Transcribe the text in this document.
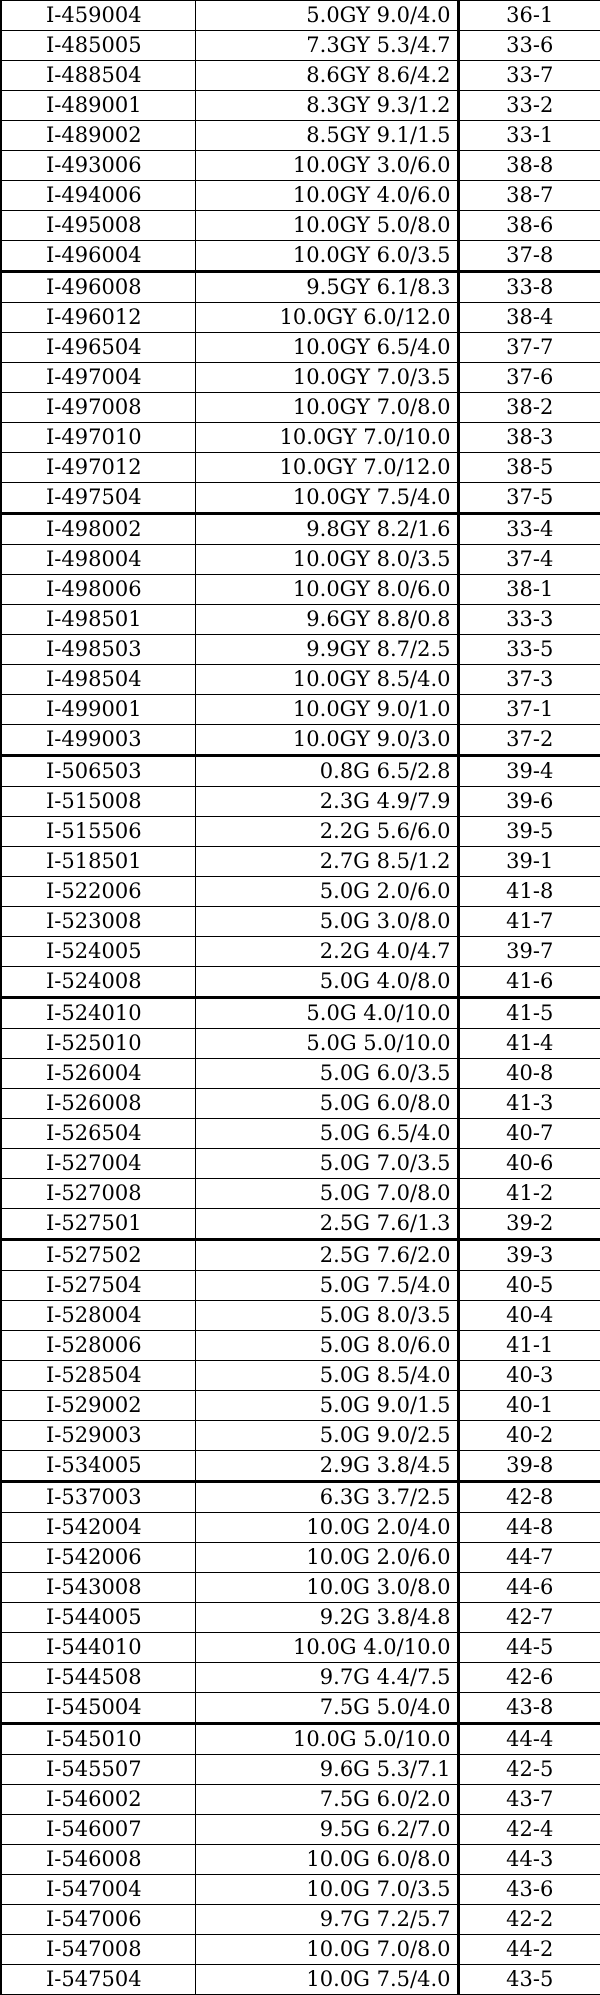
I-459004	5.0GY 9.0/4.0	36-1
I-485005	7.3GY 5.3/4.7	33-6
I-488504	8.6GY 8.6/4.2	33-7
I-489001	8.3GY 9.3/1.2	33-2
I-489002	8.5GY 9.1/1.5	33-1
I-493006	10.0GY 3.0/6.0	38-8
I-494006	10.0GY 4.0/6.0	38-7
I-495008	10.0GY 5.0/8.0	38-6
I-496004	10.0GY 6.0/3.5	37-8
I-496008	9.5GY 6.1/8.3	33-8
I-496012	10.0GY 6.0/12.0	38-4
I-496504	10.0GY 6.5/4.0	37-7
I-497004	10.0GY 7.0/3.5	37-6
I-497008	10.0GY 7.0/8.0	38-2
I-497010	10.0GY 7.0/10.0	38-3
I-497012	10.0GY 7.0/12.0	38-5
I-497504	10.0GY 7.5/4.0	37-5
I-498002	9.8GY 8.2/1.6	33-4
I-498004	10.0GY 8.0/3.5	37-4
I-498006	10.0GY 8.0/6.0	38-1
I-498501	9.6GY 8.8/0.8	33-3
I-498503	9.9GY 8.7/2.5	33-5
I-498504	10.0GY 8.5/4.0	37-3
I-499001	10.0GY 9.0/1.0	37-1
I-499003	10.0GY 9.0/3.0	37-2
I-506503	0.8G 6.5/2.8	39-4
I-515008	2.3G 4.9/7.9	39-6
I-515506	2.2G 5.6/6.0	39-5
I-518501	2.7G 8.5/1.2	39-1
I-522006	5.0G 2.0/6.0	41-8
I-523008	5.0G 3.0/8.0	41-7
I-524005	2.2G 4.0/4.7	39-7
I-524008	5.0G 4.0/8.0	41-6
I-524010	5.0G 4.0/10.0	41-5
I-525010	5.0G 5.0/10.0	41-4
I-526004	5.0G 6.0/3.5	40-8
I-526008	5.0G 6.0/8.0	41-3
I-526504	5.0G 6.5/4.0	40-7
I-527004	5.0G 7.0/3.5	40-6
I-527008	5.0G 7.0/8.0	41-2
I-527501	2.5G 7.6/1.3	39-2
I-527502	2.5G 7.6/2.0	39-3
I-527504	5.0G 7.5/4.0	40-5
I-528004	5.0G 8.0/3.5	40-4
I-528006	5.0G 8.0/6.0	41-1
I-528504	5.0G 8.5/4.0	40-3
I-529002	5.0G 9.0/1.5	40-1
I-529003	5.0G 9.0/2.5	40-2
I-534005	2.9G 3.8/4.5	39-8
I-537003	6.3G 3.7/2.5	42-8
I-542004	10.0G 2.0/4.0	44-8
I-542006	10.0G 2.0/6.0	44-7
I-543008	10.0G 3.0/8.0	44-6
I-544005	9.2G 3.8/4.8	42-7
I-544010	10.0G 4.0/10.0	44-5
I-544508	9.7G 4.4/7.5	42-6
I-545004	7.5G 5.0/4.0	43-8
I-545010	10.0G 5.0/10.0	44-4
I-545507	9.6G 5.3/7.1	42-5
I-546002	7.5G 6.0/2.0	43-7
I-546007	9.5G 6.2/7.0	42-4
I-546008	10.0G 6.0/8.0	44-3
I-547004	10.0G 7.0/3.5	43-6
I-547006	9.7G 7.2/5.7	42-2
I-547008	10.0G 7.0/8.0	44-2
I-547504	10.0G 7.5/4.0	43-5
